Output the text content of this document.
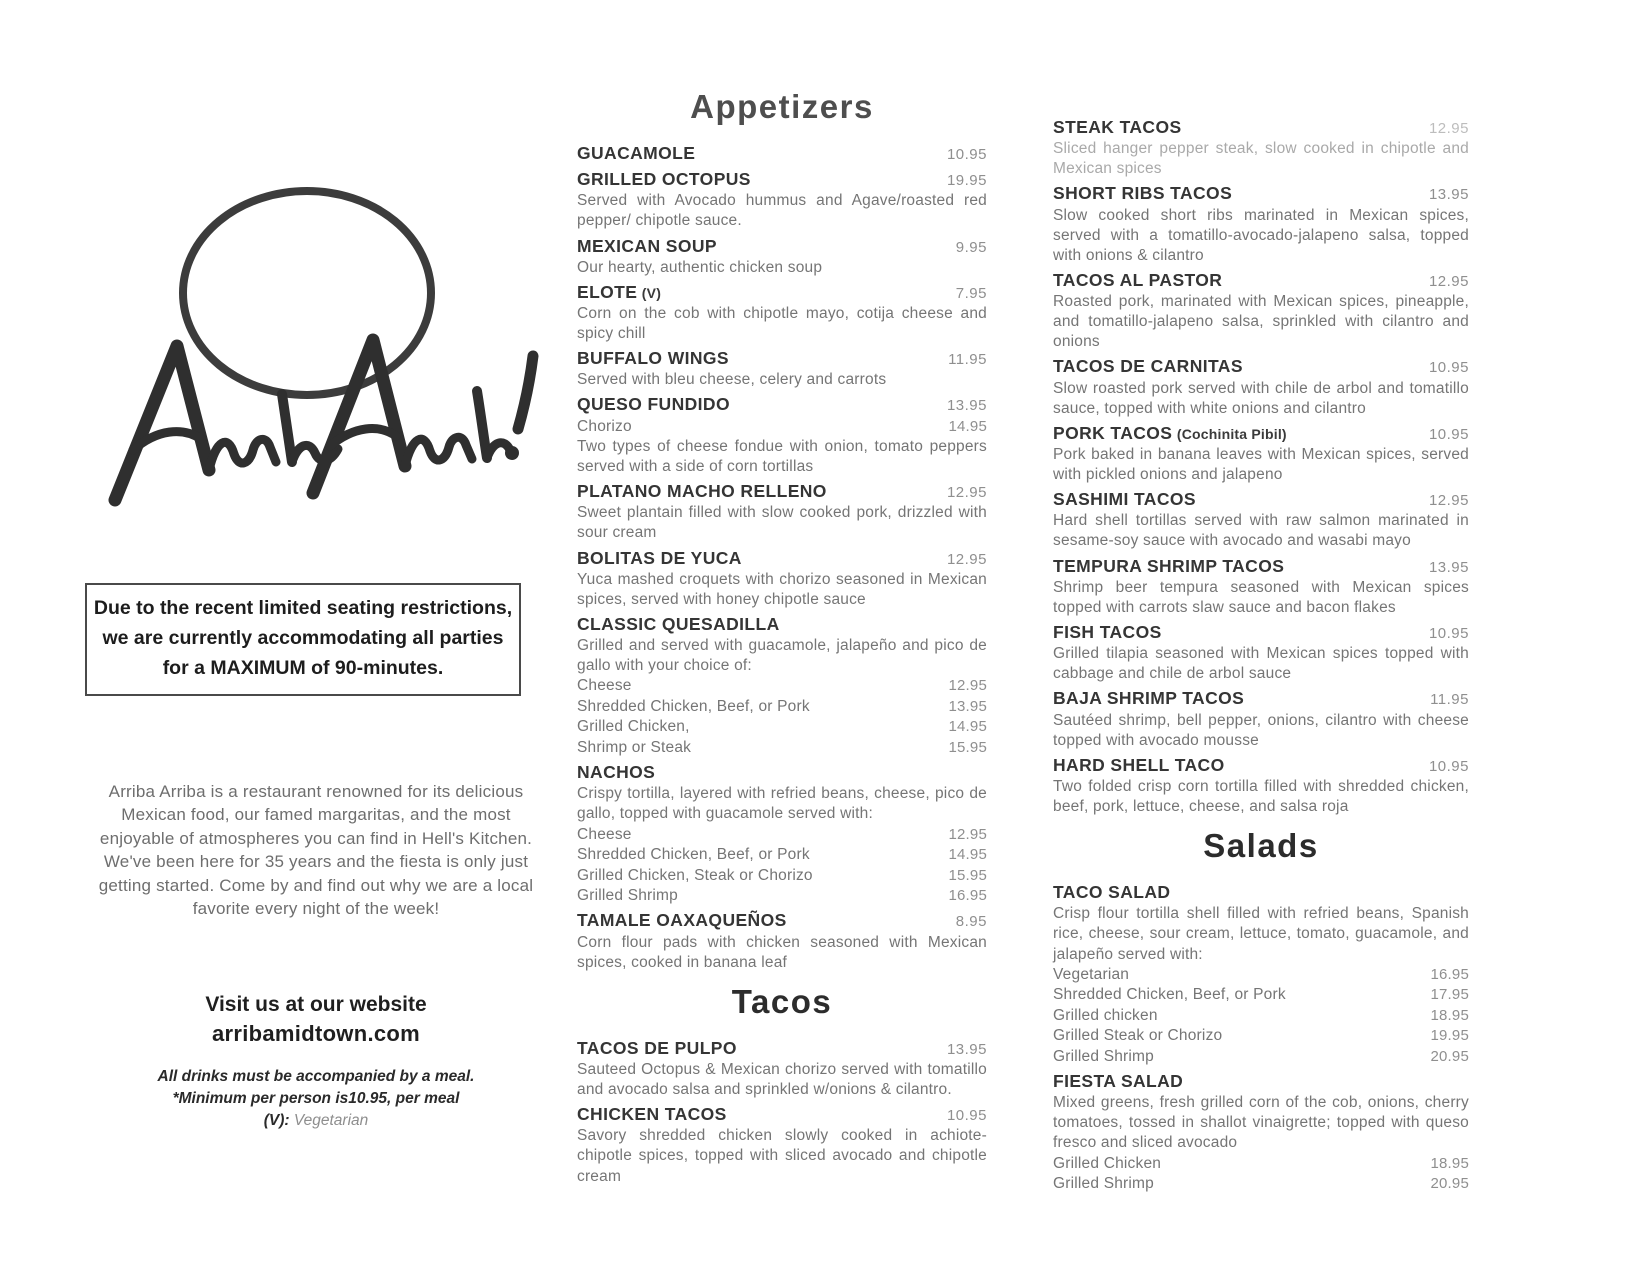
Due to the recent limited seating restrictions, we are currently accommodating all parties for a MAXIMUM of 90-minutes.
Arriba Arriba is a restaurant renowned for its delicious Mexican food, our famed margaritas, and the most enjoyable of atmospheres you can find in Hell's Kitchen. We've been here for 35 years and the fiesta is only just getting started. Come by and find out why we are a local favorite every night of the week!
Visit us at our website
arribamidtown.com
All drinks must be accompanied by a meal.
*Minimum per person is10.95, per meal
(V): Vegetarian
Appetizers
GUACAMOLE	10.95
GRILLED OCTOPUS	19.95
Served with Avocado hummus and Agave/roasted red pepper/ chipotle sauce.
MEXICAN SOUP	9.95
Our hearty, authentic chicken soup
ELOTE (V)	7.95
Corn on the cob with chipotle mayo, cotija cheese and spicy chill
BUFFALO WINGS	11.95
Served with bleu cheese, celery and carrots
QUESO FUNDIDO	13.95
Chorizo	14.95
Two types of cheese fondue with onion, tomato peppers served with a side of corn tortillas
PLATANO MACHO RELLENO	12.95
Sweet plantain filled with slow cooked pork, drizzled with sour cream
BOLITAS DE YUCA	12.95
Yuca mashed croquets with chorizo seasoned in Mexican spices, served with honey chipotle sauce
CLASSIC QUESADILLA
Grilled and served with guacamole, jalapeño and pico de gallo with your choice of:
Cheese	12.95
Shredded Chicken, Beef, or Pork	13.95
Grilled Chicken,	14.95
Shrimp or Steak	15.95
NACHOS
Crispy tortilla, layered with refried beans, cheese, pico de gallo, topped with guacamole served with:
Cheese	12.95
Shredded Chicken, Beef, or Pork	14.95
Grilled Chicken, Steak or Chorizo	15.95
Grilled Shrimp	16.95
TAMALE OAXAQUEÑOS	8.95
Corn flour pads with chicken seasoned with Mexican spices, cooked in banana leaf
Tacos
TACOS DE PULPO	13.95
Sauteed Octopus & Mexican chorizo served with tomatillo and avocado salsa and sprinkled w/onions & cilantro.
CHICKEN TACOS	10.95
Savory shredded chicken slowly cooked in achiote-chipotle spices, topped with sliced avocado and chipotle cream
STEAK TACOS	12.95
Sliced hanger pepper steak, slow cooked in chipotle and Mexican spices
SHORT RIBS TACOS	13.95
Slow cooked short ribs marinated in Mexican spices, served with a tomatillo-avocado-jalapeno salsa, topped with onions & cilantro
TACOS AL PASTOR	12.95
Roasted pork, marinated with Mexican spices, pineapple, and tomatillo-jalapeno salsa, sprinkled with cilantro and onions
TACOS DE CARNITAS	10.95
Slow roasted pork served with chile de arbol and tomatillo sauce, topped with white onions and cilantro
PORK TACOS (Cochinita Pibil)	10.95
Pork baked in banana leaves with Mexican spices, served with pickled onions and jalapeno
SASHIMI TACOS	12.95
Hard shell tortillas served with raw salmon marinated in sesame-soy sauce with avocado and wasabi mayo
TEMPURA SHRIMP TACOS	13.95
Shrimp beer tempura seasoned with Mexican spices topped with carrots slaw sauce and bacon flakes
FISH TACOS	10.95
Grilled tilapia seasoned with Mexican spices topped with cabbage and chile de arbol sauce
BAJA SHRIMP TACOS	11.95
Sautéed shrimp, bell pepper, onions, cilantro with cheese topped with avocado mousse
HARD SHELL TACO	10.95
Two folded crisp corn tortilla filled with shredded chicken, beef, pork, lettuce, cheese, and salsa roja
Salads
TACO SALAD
Crisp flour tortilla shell filled with refried beans, Spanish rice, cheese, sour cream, lettuce, tomato, guacamole, and jalapeño served with:
Vegetarian	16.95
Shredded Chicken, Beef, or Pork	17.95
Grilled chicken	18.95
Grilled Steak or Chorizo	19.95
Grilled Shrimp	20.95
FIESTA SALAD
Mixed greens, fresh grilled corn of the cob, onions, cherry tomatoes, tossed in shallot vinaigrette; topped with queso fresco and sliced avocado
Grilled Chicken	18.95
Grilled Shrimp	20.95
